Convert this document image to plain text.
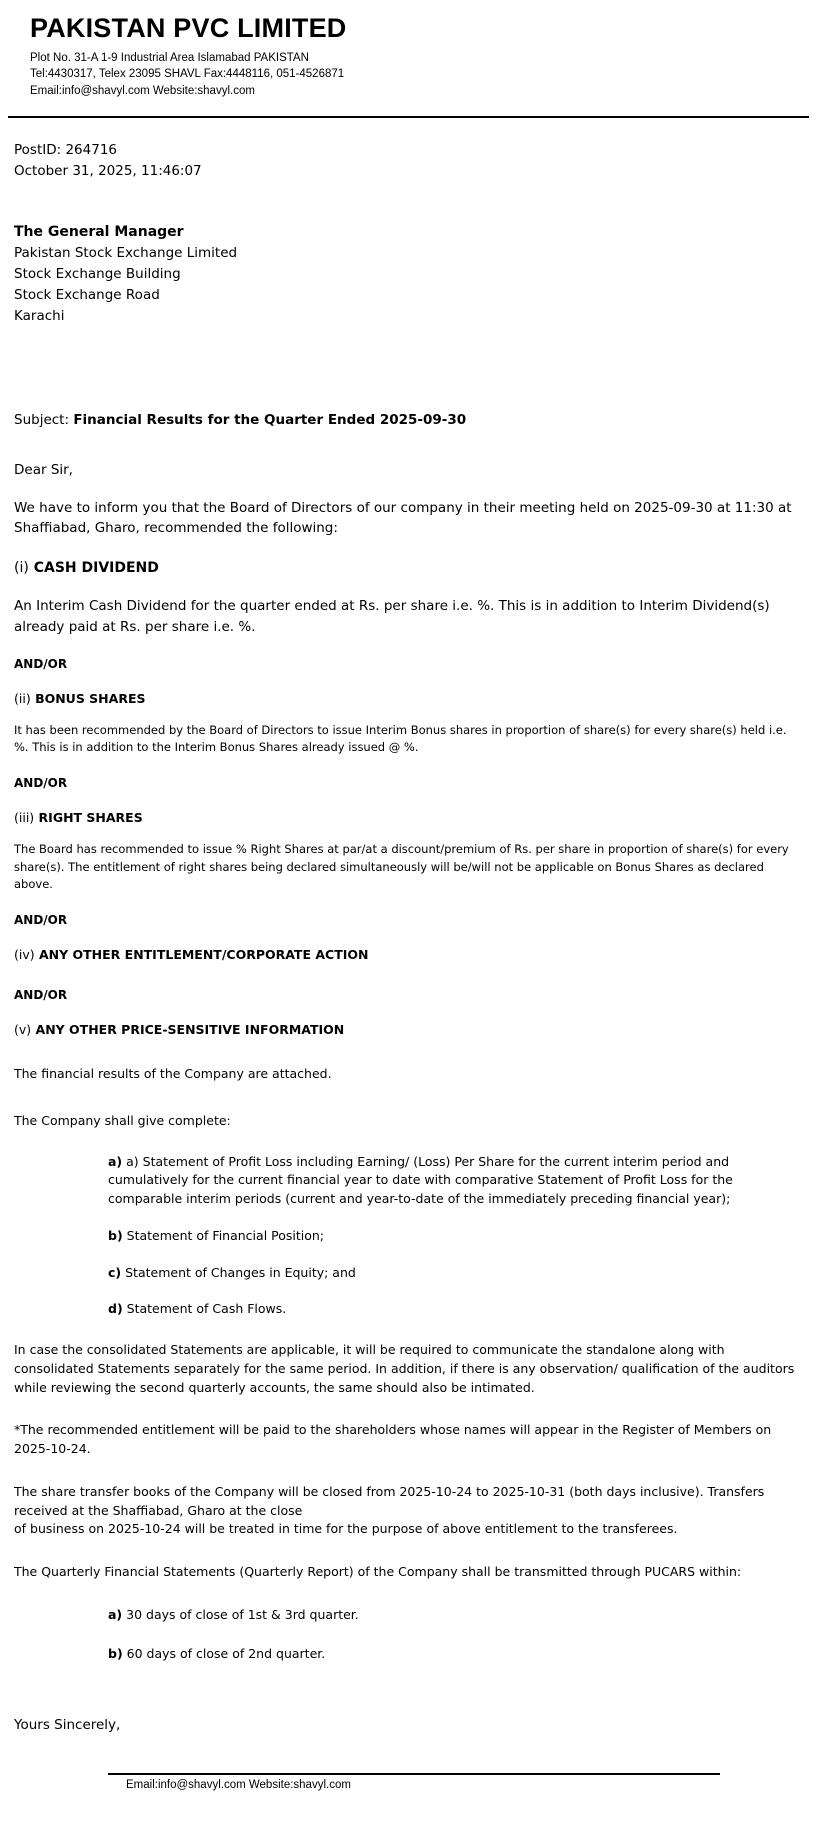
PAKISTAN PVC LIMITED
Plot No. 31-A 1-9 Industrial Area Islamabad PAKISTAN
Tel:4430317, Telex 23095 SHAVL Fax:4448116, 051-4526871
Email:info@shavyl.com Website:shavyl.com
PostID: 264716
October 31, 2025, 11:46:07
The General Manager
Pakistan Stock Exchange Limited
Stock Exchange Building
Stock Exchange Road
Karachi
Subject: Financial Results for the Quarter Ended 2025-09-30
Dear Sir,
We have to inform you that the Board of Directors of our company in their meeting held on 2025-09-30 at 11:30 at Shaffiabad, Gharo, recommended the following:
(i) CASH DIVIDEND
An Interim Cash Dividend for the quarter ended at Rs. per share i.e. %. This is in addition to Interim Dividend(s) already paid at Rs. per share i.e. %.
AND/OR
(ii) BONUS SHARES
It has been recommended by the Board of Directors to issue Interim Bonus shares in proportion of share(s) for every share(s) held i.e. %. This is in addition to the Interim Bonus Shares already issued @ %.
AND/OR
(iii) RIGHT SHARES
The Board has recommended to issue % Right Shares at par/at a discount/premium of Rs. per share in proportion of share(s) for every share(s). The entitlement of right shares being declared simultaneously will be/will not be applicable on Bonus Shares as declared above.
AND/OR
(iv) ANY OTHER ENTITLEMENT/CORPORATE ACTION
AND/OR
(v) ANY OTHER PRICE-SENSITIVE INFORMATION
The financial results of the Company are attached.
The Company shall give complete:
a) a) Statement of Profit Loss including Earning/ (Loss) Per Share for the current interim period and cumulatively for the current financial year to date with comparative Statement of Profit Loss for the comparable interim periods (current and year-to-date of the immediately preceding financial year);
b) Statement of Financial Position;
c) Statement of Changes in Equity; and
d) Statement of Cash Flows.
In case the consolidated Statements are applicable, it will be required to communicate the standalone along with consolidated Statements separately for the same period. In addition, if there is any observation/ qualification of the auditors while reviewing the second quarterly accounts, the same should also be intimated.
*The recommended entitlement will be paid to the shareholders whose names will appear in the Register of Members on 2025-10-24.
The share transfer books of the Company will be closed from 2025-10-24 to 2025-10-31 (both days inclusive). Transfers received at the Shaffiabad, Gharo at the close
of business on 2025-10-24 will be treated in time for the purpose of above entitlement to the transferees.
The Quarterly Financial Statements (Quarterly Report) of the Company shall be transmitted through PUCARS within:
a) 30 days of close of 1st & 3rd quarter.
b) 60 days of close of 2nd quarter.
Yours Sincerely,
Email:info@shavyl.com Website:shavyl.com
